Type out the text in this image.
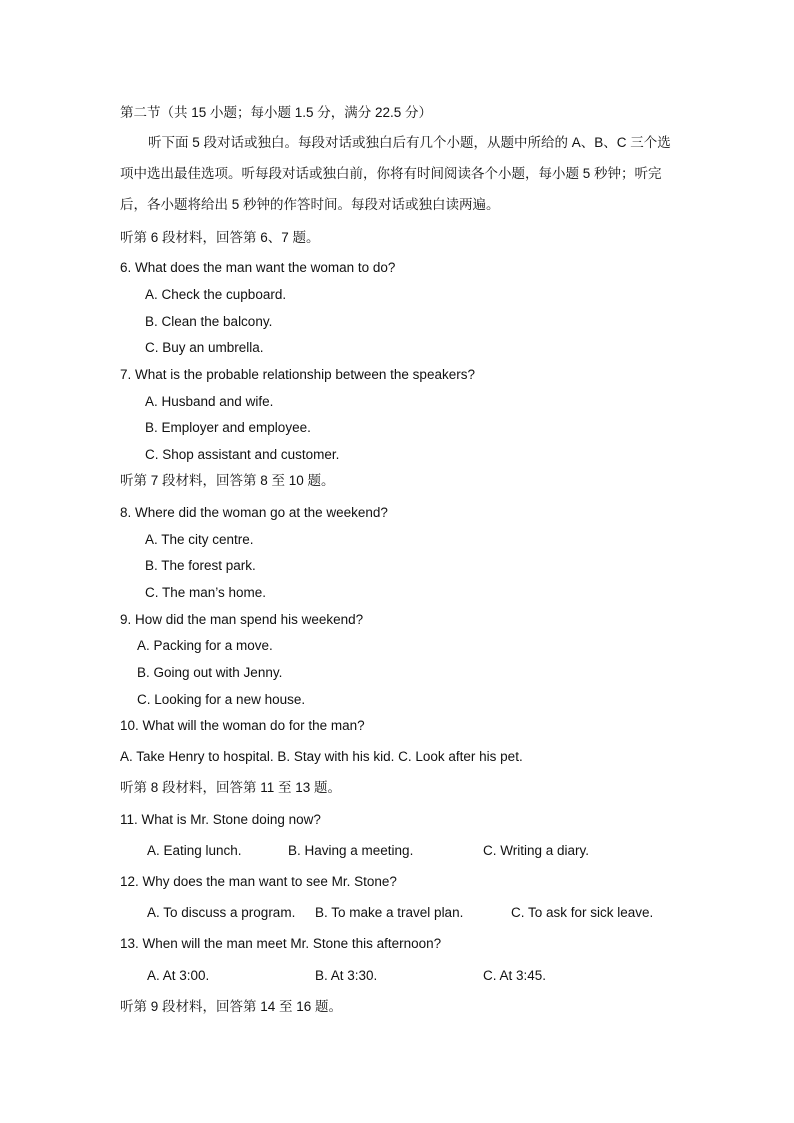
第二节（共 15 小题；每小题 1.5 分，满分 22.5 分）
听下面 5 段对话或独白。每段对话或独白后有几个小题，从题中所给的 A、B、C 三个选项中选出最佳选项。听每段对话或独白前，你将有时间阅读各个小题，每小题 5 秒钟；听完后，各小题将给出 5 秒钟的作答时间。每段对话或独白读两遍。
听第 6 段材料，回答第 6、7 题。
6. What does the man want the woman to do?
A. Check the cupboard.
B. Clean the balcony.
C. Buy an umbrella.
7. What is the probable relationship between the speakers?
A. Husband and wife.
B. Employer and employee.
C. Shop assistant and customer.
听第 7 段材料，回答第 8 至 10 题。
8. Where did the woman go at the weekend?
A. The city centre.
B. The forest park.
C. The man’s home.
9. How did the man spend his weekend?
A. Packing for a move.
B. Going out with Jenny.
C. Looking for a new house.
10. What will the woman do for the man?
A. Take Henry to hospital. B. Stay with his kid. C. Look after his pet.
听第 8 段材料，回答第 11 至 13 题。
11. What is Mr. Stone doing now?
A. Eating lunch.	B. Having a meeting.	C. Writing a diary.
12. Why does the man want to see Mr. Stone?
A. To discuss a program. B. To make a travel plan.	C. To ask for sick leave.
13. When will the man meet Mr. Stone this afternoon?
A. At 3:00.	B. At 3:30.	C. At 3:45.
听第 9 段材料，回答第 14 至 16 题。
